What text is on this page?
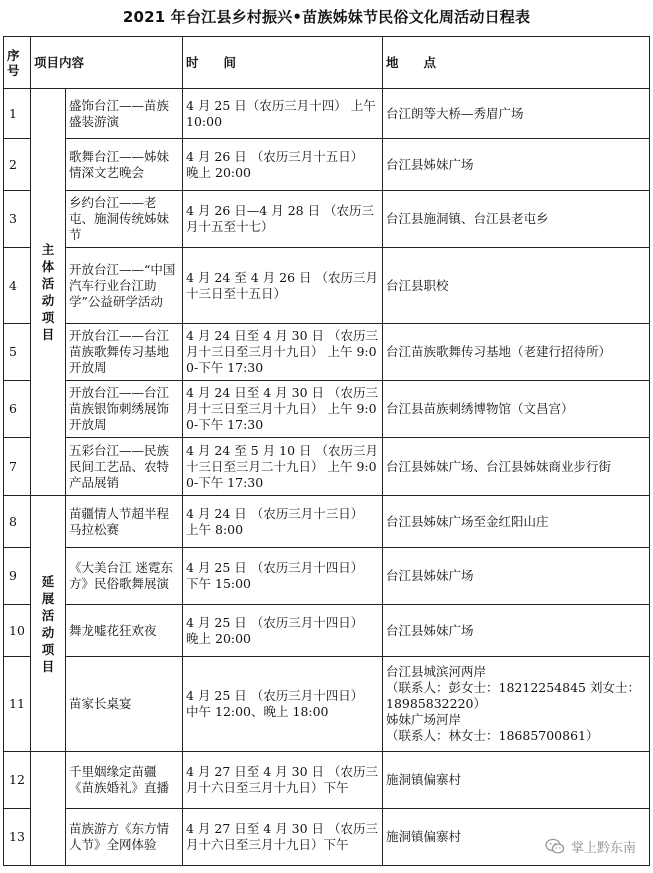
2021 年台江县乡村振兴•苗族姊妹节民俗文化周活动日程表
序号	项目内容		时　　间	地　　点
1	主体活动项目	盛饰台江——苗族盛装游演	4 月 25 日（农历三月十四） 上午 10:00	台江朗等大桥—秀眉广场
2		歌舞台江——姊妹情深文艺晚会	4 月 26 日 （农历三月十五日） 晚上 20:00	台江县姊妹广场
3		乡约台江——老屯、施洞传统姊妹节	4 月 26 日—4 月 28 日 （农历三月十五至十七）	台江县施洞镇、台江县老屯乡
4		开放台江——“中国汽车行业台江助学”公益研学活动	4 月 24 至 4 月 26 日 （农历三月十三日至十五日）	台江县职校
5		开放台江——台江苗族歌舞传习基地开放周	4 月 24 日至 4 月 30 日 （农历三月十三日至三月十九日） 上午 9:00-下午 17:30	台江苗族歌舞传习基地（老建行招待所）
6		开放台江——台江苗族银饰刺绣展饰开放周	4 月 24 日至 4 月 30 日 （农历三月十三日至三月十九日） 上午 9:00-下午 17:30	台江县苗族刺绣博物馆（文昌宫）
7		五彩台江——民族民间工艺品、农特产品展销	4 月 24 至 5 月 10 日 （农历三月十三日至三月二十九日） 上午 9:00-下午 17:30	台江县姊妹广场、台江县姊妹商业步行街
8	延展活动项目	苗疆情人节超半程马拉松赛	4 月 24 日 （农历三月十三日） 上午 8:00	台江县姊妹广场至金红阳山庄
9		《大美台江 迷霓东方》民俗歌舞展演	4 月 25 日 （农历三月十四日） 下午 15:00	台江县姊妹广场
10		舞龙嘘花狂欢夜	4 月 25 日 （农历三月十四日） 晚上 20:00	台江县姊妹广场
11		苗家长桌宴	4 月 25 日 （农历三月十四日） 中午 12:00、晚上 18:00	台江县城滨河两岸
（联系人：彭女士：18212254845 刘女士：18985832220）
姊妹广场河岸
（联系人：林女士：18685700861）

12		千里姻缘定苗疆《苗族婚礼》直播	4 月 27 日至 4 月 30 日 （农历三月十六日至三月十九日）下午	施洞镇偏寨村
13		苗族游方《东方情人节》全网体验	4 月 27 日至 4 月 30 日 （农历三月十六日至三月十九日）下午	施洞镇偏寨村
掌上黔东南
